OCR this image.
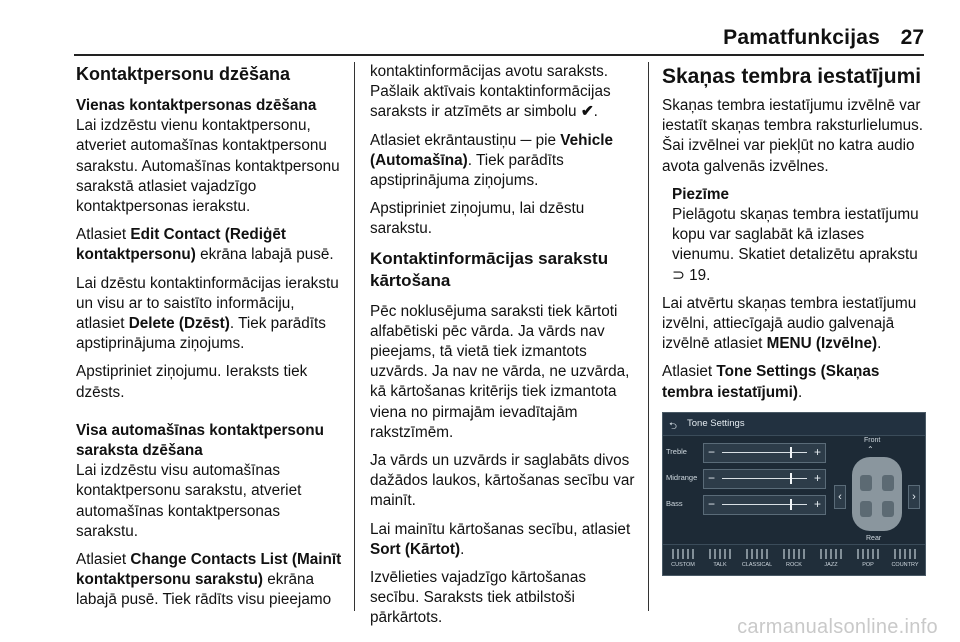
Pamatfunkcijas 27
Kontaktpersonu dzēšana
Vienas kontaktpersonas dzēšana

Lai izdzēstu vienu kontaktpersonu, atveriet automašīnas kontaktpersonu sarakstu. Automašīnas kontaktpersonu sarakstā atlasiet vajadzīgo kontaktpersonas ierakstu.

Atlasiet Edit Contact (Rediģēt kontaktpersonu) ekrāna labajā pusē.

Lai dzēstu kontaktinformācijas ierakstu un visu ar to saistīto informāciju, atlasiet Delete (Dzēst). Tiek parādīts apstiprinājuma ziņojums.

Apstipriniet ziņojumu. Ieraksts tiek dzēsts.

Visa automašīnas kontaktpersonu saraksta dzēšana

Lai izdzēstu visu automašīnas kontaktpersonu sarakstu, atveriet automašīnas kontaktpersonas sarakstu.

Atlasiet Change Contacts List (Mainīt kontaktpersonu sarakstu) ekrāna labajā pusē. Tiek rādīts visu pieejamo

kontaktinformācijas avotu saraksts. Pašlaik aktīvais kontaktinformācijas saraksts ir atzīmēts ar simbolu ✔.

Atlasiet ekrāntaustiņu ─ pie Vehicle (Automašīna). Tiek parādīts apstiprinājuma ziņojums.

Apstipriniet ziņojumu, lai dzēstu sarakstu.

Kontaktinformācijas sarakstu kārtošana

Pēc noklusējuma saraksti tiek kārtoti alfabētiski pēc vārda. Ja vārds nav pieejams, tā vietā tiek izmantots uzvārds. Ja nav ne vārda, ne uzvārda, kā kārtošanas kritērijs tiek izmantota viena no pirmajām ievadītajām rakstzīmēm.

Ja vārds un uzvārds ir saglabāts divos dažādos laukos, kārtošanas secību var mainīt.

Lai mainītu kārtošanas secību, atlasiet Sort (Kārtot).

Izvēlieties vajadzīgo kārtošanas secību. Saraksts tiek atbilstoši pārkārtots.

Skaņas tembra iestatījumi

Skaņas tembra iestatījumu izvēlnē var iestatīt skaņas tembra raksturlielumus. Šai izvēlnei var piekļūt no katra audio avota galvenās izvēlnes.

Piezīme
Pielāgotu skaņas tembra iestatījumu kopu var saglabāt kā izlases vienumu. Skatiet detalizētu aprakstu ⊃ 19.

Lai atvērtu skaņas tembra iestatījumu izvēlni, attiecīgajā audio galvenajā izvēlnē atlasiet MENU (Izvēlne).

Atlasiet Tone Settings (Skaņas tembra iestatījumi).

⮌ Tone Settings
Treble −	+
Midrange −	+
Bass −	+
Front
⌃
‹	›
Rear
CUSTOM	TALK	CLASSICAL	ROCK	JAZZ	POP	COUNTRY
carmanualsonline.info
